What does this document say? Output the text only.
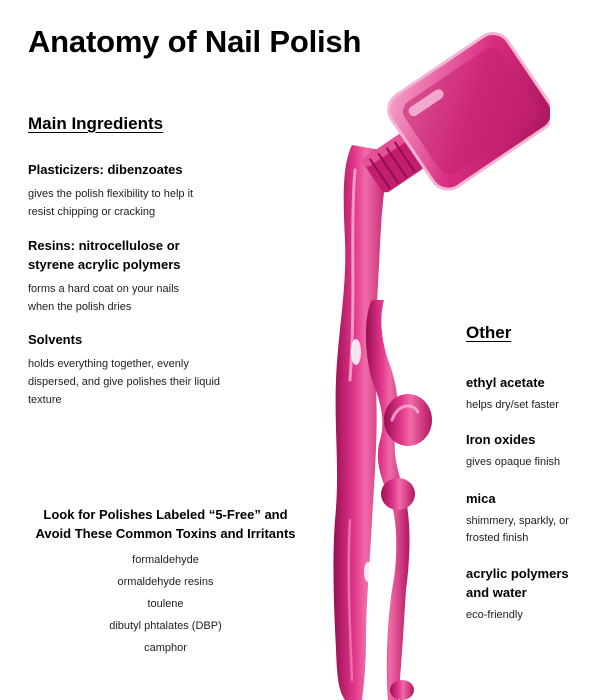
Anatomy of Nail Polish
Main Ingredients
Plasticizers: dibenzoates
gives the polish flexibility to help it resist chipping or cracking
Resins: nitrocellulose or styrene acrylic polymers
forms a hard coat on your nails when the polish dries
Solvents
holds everything together, evenly dispersed, and give polishes their liquid texture
Look for Polishes Labeled “5-Free” and Avoid These Common Toxins and Irritants
formaldehyde
ormaldehyde resins
toulene
dibutyl phtalates (DBP)
camphor
Other
ethyl acetate
helps dry/set faster
Iron oxides
gives opaque finish
mica
shimmery, sparkly, or frosted finish
acrylic polymers and water
eco-friendly
